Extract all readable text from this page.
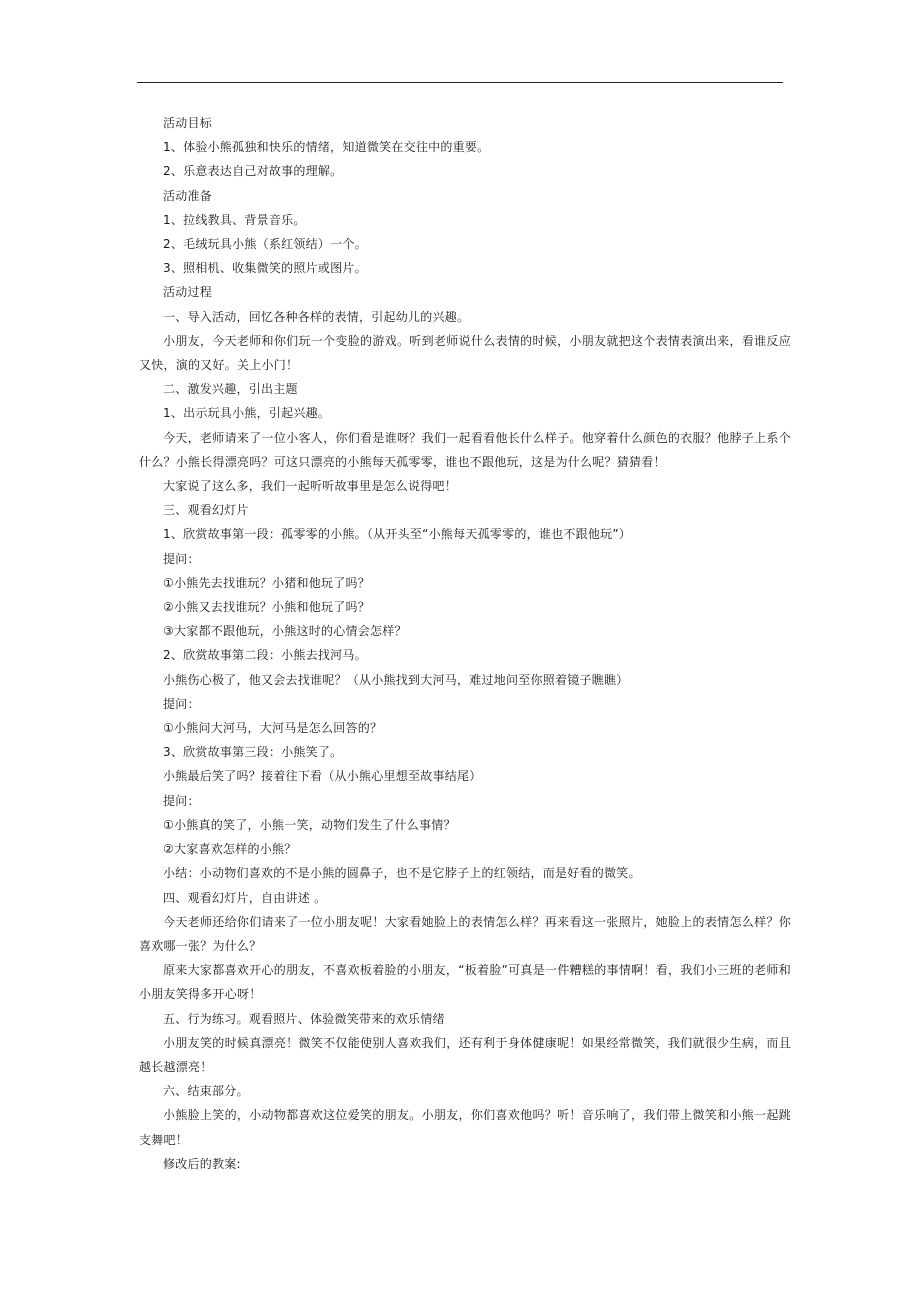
活动目标

1、体验小熊孤独和快乐的情绪，知道微笑在交往中的重要。

2、乐意表达自己对故事的理解。

活动准备

1、拉线教具、背景音乐。

2、毛绒玩具小熊（系红领结）一个。

3、照相机、收集微笑的照片或图片。

活动过程

一、导入活动，回忆各种各样的表情，引起幼儿的兴趣。

小朋友，今天老师和你们玩一个变脸的游戏。听到老师说什么表情的时候，小朋友就把这个表情表演出来，看谁反应又快，演的又好。关上小门！

二、激发兴趣，引出主题

1、出示玩具小熊，引起兴趣。

今天，老师请来了一位小客人，你们看是谁呀？我们一起看看他长什么样子。他穿着什么颜色的衣服？他脖子上系个什么？小熊长得漂亮吗？可这只漂亮的小熊每天孤零零，谁也不跟他玩，这是为什么呢？猜猜看！

大家说了这么多，我们一起听听故事里是怎么说得吧！

三、观看幻灯片

1、欣赏故事第一段：孤零零的小熊。（从开头至“小熊每天孤零零的，谁也不跟他玩”）

提问：

①小熊先去找谁玩？小猪和他玩了吗？

②小熊又去找谁玩？小熊和他玩了吗？

③大家都不跟他玩，小熊这时的心情会怎样？

2、欣赏故事第二段：小熊去找河马。

小熊伤心极了，他又会去找谁呢？（从小熊找到大河马，难过地问至你照着镜子瞧瞧）

提问：

①小熊问大河马，大河马是怎么回答的？

3、欣赏故事第三段：小熊笑了。

小熊最后笑了吗？接着往下看（从小熊心里想至故事结尾）

提问：

①小熊真的笑了，小熊一笑，动物们发生了什么事情？

②大家喜欢怎样的小熊？

小结：小动物们喜欢的不是小熊的圆鼻子，也不是它脖子上的红领结，而是好看的微笑。

四、观看幻灯片，自由讲述 。

今天老师还给你们请来了一位小朋友呢！大家看她脸上的表情怎么样？再来看这一张照片，她脸上的表情怎么样？你喜欢哪一张？为什么？

原来大家都喜欢开心的朋友，不喜欢板着脸的小朋友，“板着脸”可真是一件糟糕的事情啊！看，我们小三班的老师和小朋友笑得多开心呀！

五、行为练习。观看照片、体验微笑带来的欢乐情绪

小朋友笑的时候真漂亮！微笑不仅能使别人喜欢我们，还有利于身体健康呢！如果经常微笑，我们就很少生病，而且越长越漂亮！

六、结束部分。

小熊脸上笑的，小动物都喜欢这位爱笑的朋友。小朋友，你们喜欢他吗？听！音乐响了，我们带上微笑和小熊一起跳支舞吧！

修改后的教案:
